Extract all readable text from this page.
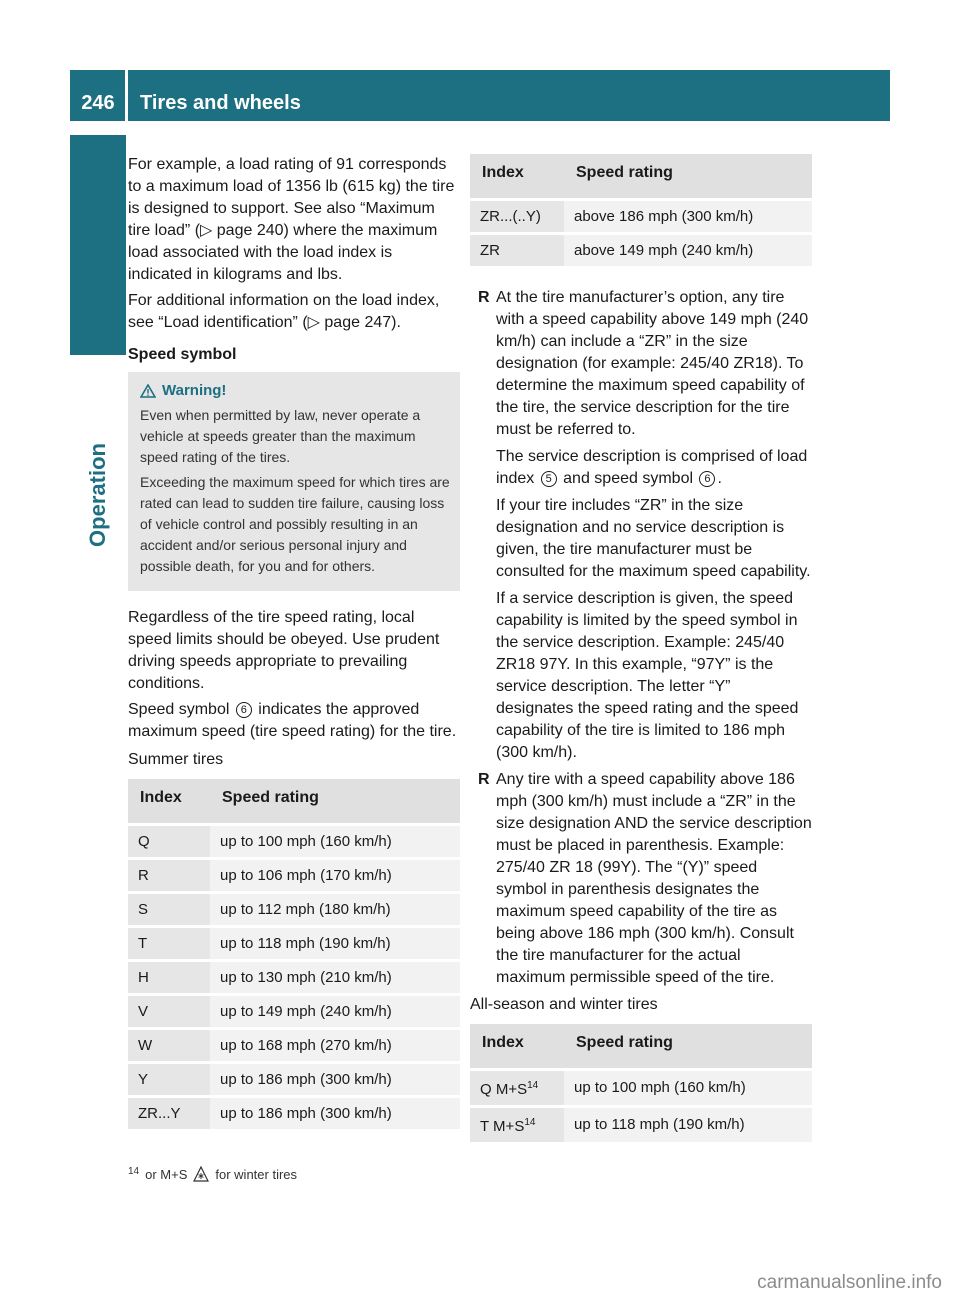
246	Tires and wheels
Operation

For example, a load rating of 91 corresponds to a maximum load of 1356 lb (615 kg) the tire is designed to support. See also “Maximum tire load” (▷ page 240) where the maximum load associated with the load index is indicated in kilograms and lbs.

For additional information on the load index, see “Load identification” (▷ page 247).

Speed symbol

Warning!

Even when permitted by law, never operate a vehicle at speeds greater than the maximum speed rating of the tires.

Exceeding the maximum speed for which tires are rated can lead to sudden tire failure, causing loss of vehicle control and possibly resulting in an accident and/or serious personal injury and possible death, for you and for others.

Regardless of the tire speed rating, local speed limits should be obeyed. Use prudent driving speeds appropriate to prevailing conditions.

Speed symbol 6 indicates the approved maximum speed (tire speed rating) for the tire.

Summer tires

Index	Speed rating
Q	up to 100 mph (160 km/h)
R	up to 106 mph (170 km/h)
S	up to 112 mph (180 km/h)
T	up to 118 mph (190 km/h)
H	up to 130 mph (210 km/h)
V	up to 149 mph (240 km/h)
W	up to 168 mph (270 km/h)
Y	up to 186 mph (300 km/h)
ZR...Y	up to 186 mph (300 km/h)
Index	Speed rating
ZR...(..Y)	above 186 mph (300 km/h)
ZR	above 149 mph (240 km/h)
R At the tire manufacturer’s option, any tire with a speed capability above 149 mph (240 km/h) can include a “ZR” in the size designation (for example: 245/40 ZR18). To determine the maximum speed capability of the tire, the service description for the tire must be referred to.

The service description is comprised of load index 5 and speed symbol 6 .

If your tire includes “ZR” in the size designation and no service description is given, the tire manufacturer must be consulted for the maximum speed capability.

If a service description is given, the speed capability is limited by the speed symbol in the service description. Example: 245/40 ZR18 97Y. In this example, “97Y” is the service description. The letter “Y” designates the speed rating and the speed capability of the tire is limited to 186 mph (300 km/h).

R Any tire with a speed capability above 186 mph (300 km/h) must include a “ZR” in the size designation AND the service description must be placed in parenthesis. Example: 275/40 ZR 18 (99Y). The “(Y)” speed symbol in parenthesis designates the maximum speed capability of the tire as being above 186 mph (300 km/h). Consult the tire manufacturer for the actual maximum permissible speed of the tire.

All-season and winter tires

Index	Speed rating
Q $M+S^{14}$	up to 100 mph (160 km/h)
T $M+S^{14}$	up to 118 mph (190 km/h)
$^{14}$ or M+S for winter tires
carmanualsonline.info
